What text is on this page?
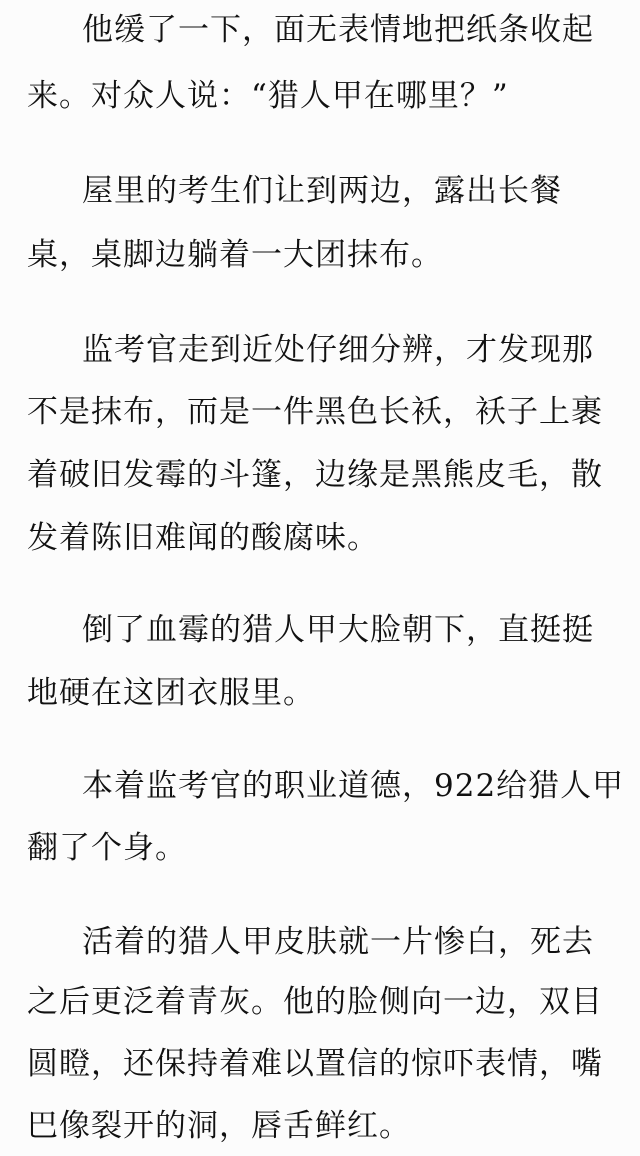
他缓了一下，面无表情地把纸条收起
来。对众人说：“猎人甲在哪里？”
屋里的考生们让到两边，露出长餐
桌，桌脚边躺着一大团抹布。
监考官走到近处仔细分辨，才发现那
不是抹布，而是一件黑色长袄，袄子上裹
着破旧发霉的斗篷，边缘是黑熊皮毛，散
发着陈旧难闻的酸腐味。
倒了血霉的猎人甲大脸朝下，直挺挺
地硬在这团衣服里。
本着监考官的职业道德，922给猎人甲
翻了个身。
活着的猎人甲皮肤就一片惨白，死去
之后更泛着青灰。他的脸侧向一边，双目
圆瞪，还保持着难以置信的惊吓表情，嘴
巴像裂开的洞，唇舌鲜红。
